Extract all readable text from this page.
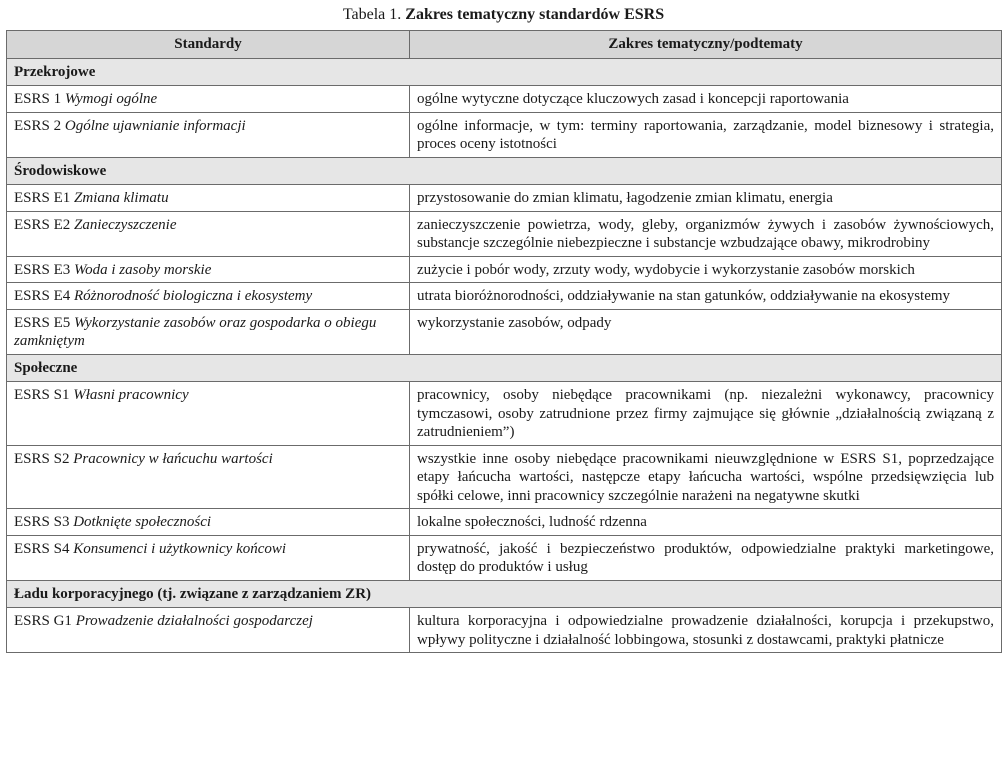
Tabela 1. Zakres tematyczny standardów ESRS
Standardy	Zakres tematyczny/podtematy
Przekrojowe	
ESRS 1 Wymogi ogólne	ogólne wytyczne dotyczące kluczowych zasad i koncepcji raportowania
ESRS 2 Ogólne ujawnianie informacji	ogólne informacje, w tym: terminy raportowania, zarządzanie, model biznesowy i strategia, proces oceny istotności
Środowiskowe	
ESRS E1 Zmiana klimatu	przystosowanie do zmian klimatu, łagodzenie zmian klimatu, energia
ESRS E2 Zanieczyszczenie	zanieczyszczenie powietrza, wody, gleby, organizmów żywych i zasobów żywnościowych, substancje szczególnie niebezpieczne i substancje wzbudzające obawy, mikrodrobiny
ESRS E3 Woda i zasoby morskie	zużycie i pobór wody, zrzuty wody, wydobycie i wykorzystanie zasobów morskich
ESRS E4 Różnorodność biologiczna i ekosystemy	utrata bioróżnorodności, oddziaływanie na stan gatunków, oddziaływanie na ekosystemy
ESRS E5 Wykorzystanie zasobów oraz gospodarka o obiegu zamkniętym	wykorzystanie zasobów, odpady
Społeczne	
ESRS S1 Własni pracownicy	pracownicy, osoby niebędące pracownikami (np. niezależni wykonawcy, pracownicy tymczasowi, osoby zatrudnione przez firmy zajmujące się głównie „działalnością związaną z zatrudnieniem”)
ESRS S2 Pracownicy w łańcuchu wartości	wszystkie inne osoby niebędące pracownikami nieuwzględnione w ESRS S1, poprzedzające etapy łańcucha wartości, następcze etapy łańcucha wartości, wspólne przedsięwzięcia lub spółki celowe, inni pracownicy szczególnie narażeni na negatywne skutki
ESRS S3 Dotknięte społeczności	lokalne społeczności, ludność rdzenna
ESRS S4 Konsumenci i użytkownicy końcowi	prywatność, jakość i bezpieczeństwo produktów, odpowiedzialne praktyki marketingowe, dostęp do produktów i usług
Ładu korporacyjnego (tj. związane z zarządzaniem ZR)	
ESRS G1 Prowadzenie działalności gospodarczej	kultura korporacyjna i odpowiedzialne prowadzenie działalności, korupcja i przekupstwo, wpływy polityczne i działalność lobbingowa, stosunki z dostawcami, praktyki płatnicze
